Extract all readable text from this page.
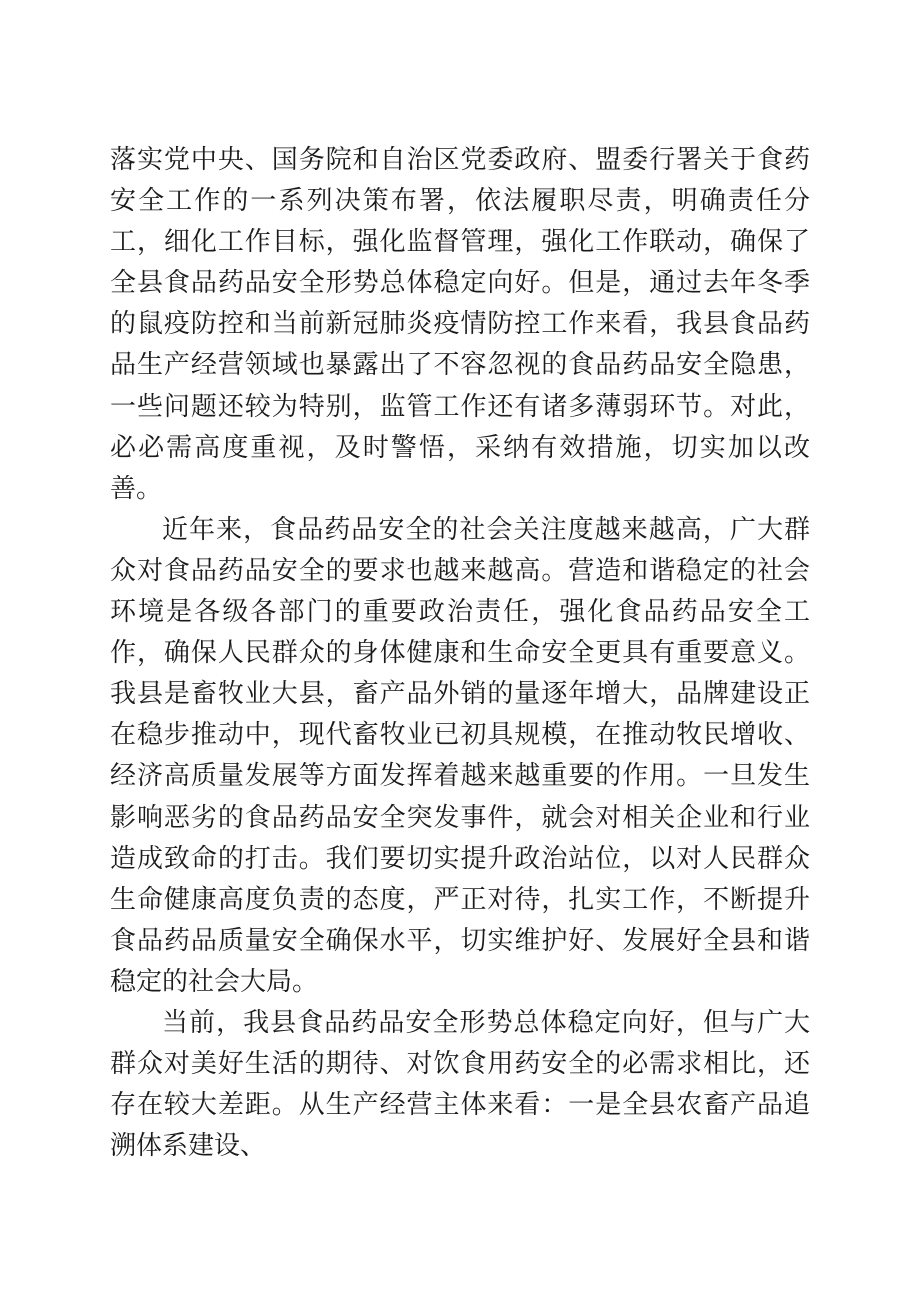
落实党中央、国务院和自治区党委政府、盟委行署关于食药安全工作的一系列决策布署，依法履职尽责，明确责任分工，细化工作目标，强化监督管理，强化工作联动，确保了全县食品药品安全形势总体稳定向好。但是，通过去年冬季的鼠疫防控和当前新冠肺炎疫情防控工作来看，我县食品药品生产经营领域也暴露出了不容忽视的食品药品安全隐患，一些问题还较为特别，监管工作还有诸多薄弱环节。对此，必必需高度重视，及时警悟，采纳有效措施，切实加以改善。

近年来，食品药品安全的社会关注度越来越高，广大群众对食品药品安全的要求也越来越高。营造和谐稳定的社会环境是各级各部门的重要政治责任，强化食品药品安全工作，确保人民群众的身体健康和生命安全更具有重要意义。我县是畜牧业大县，畜产品外销的量逐年增大，品牌建设正在稳步推动中，现代畜牧业已初具规模，在推动牧民增收、经济高质量发展等方面发挥着越来越重要的作用。一旦发生影响恶劣的食品药品安全突发事件，就会对相关企业和行业造成致命的打击。我们要切实提升政治站位，以对人民群众生命健康高度负责的态度，严正对待，扎实工作，不断提升食品药品质量安全确保水平，切实维护好、发展好全县和谐稳定的社会大局。

当前，我县食品药品安全形势总体稳定向好，但与广大群众对美好生活的期待、对饮食用药安全的必需求相比，还存在较大差距。从生产经营主体来看：一是全县农畜产品追溯体系建设、
